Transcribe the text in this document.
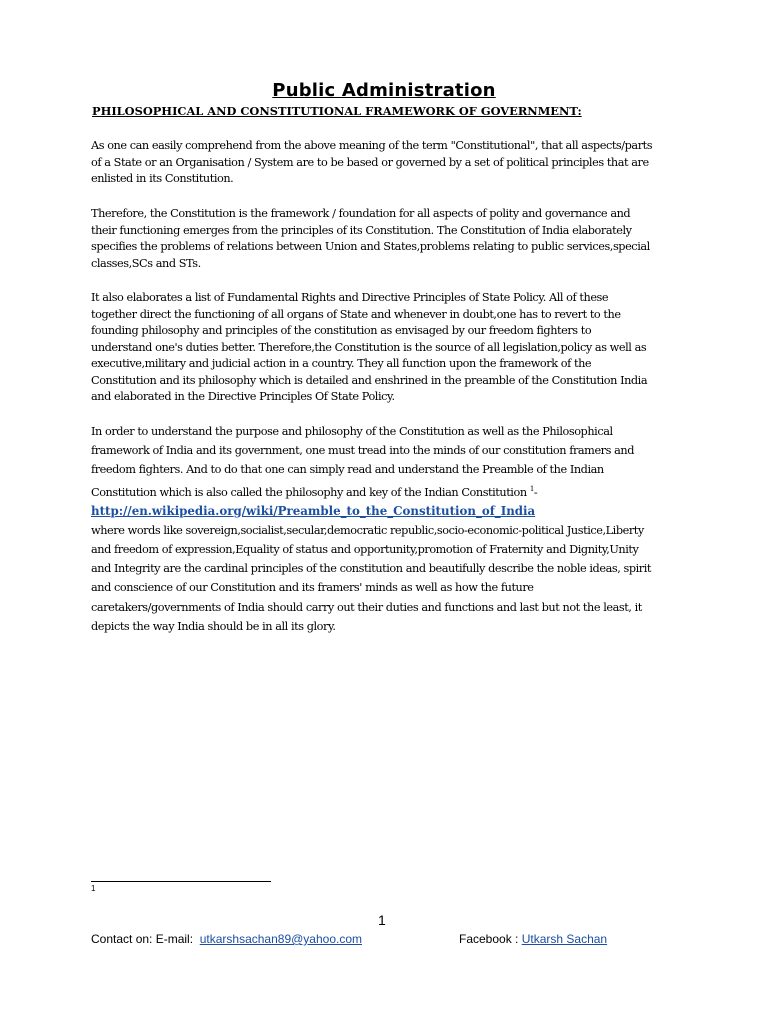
Public Administration
PHILOSOPHICAL AND CONSTITUTIONAL FRAMEWORK OF GOVERNMENT:
As one can easily comprehend from the above meaning of the term "Constitutional", that all aspects/parts
of a State or an Organisation / System are to be based or governed by a set of political principles that are
enlisted in its Constitution.
Therefore, the Constitution is the framework / foundation for all aspects of polity and governance and
their functioning emerges from the principles of its Constitution. The Constitution of India elaborately
specifies the problems of relations between Union and States,problems relating to public services,special
classes,SCs and STs.
It also elaborates a list of Fundamental Rights and Directive Principles of State Policy. All of these
together direct the functioning of all organs of State and whenever in doubt,one has to revert to the
founding philosophy and principles of the constitution as envisaged by our freedom fighters to
understand one's duties better. Therefore,the Constitution is the source of all legislation,policy as well as
executive,military and judicial action in a country. They all function upon the framework of the
Constitution and its philosophy which is detailed and enshrined in the preamble of the Constitution India
and elaborated in the Directive Principles Of State Policy.
In order to understand the purpose and philosophy of the Constitution as well as the Philosophical
framework of India and its government, one must tread into the minds of our constitution framers and
freedom fighters. And to do that one can simply read and understand the Preamble of the Indian
Constitution which is also called the philosophy and key of the Indian Constitution $^1$-
http://en.wikipedia.org/wiki/Preamble_to_the_Constitution_of_India
where words like sovereign,socialist,secular,democratic republic,socio-economic-political Justice,Liberty
and freedom of expression,Equality of status and opportunity,promotion of Fraternity and Dignity,Unity
and Integrity are the cardinal principles of the constitution and beautifully describe the noble ideas, spirit
and conscience of our Constitution and its framers' minds as well as how the future
caretakers/governments of India should carry out their duties and functions and last but not the least, it
depicts the way India should be in all its glory.
1
1
Contact on: E-mail: utkarshsachan89@yahoo.com	Facebook : Utkarsh Sachan
